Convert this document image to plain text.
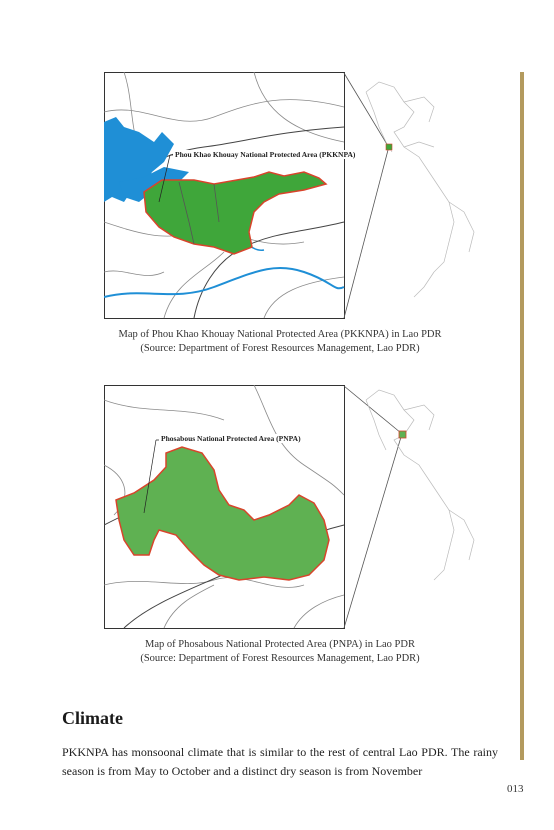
Phou Khao Khouay National Protected Area (PKKNPA)
Map of Phou Khao Khouay National Protected Area (PKKNPA) in Lao PDR
(Source: Department of Forest Resources Management, Lao PDR)
Phosabous National Protected Area (PNPA)
Map of Phosabous National Protected Area (PNPA) in Lao PDR
(Source: Department of Forest Resources Management, Lao PDR)
Climate
PKKNPA has monsoonal climate that is similar to the rest of central Lao PDR. The rainy season is from May to October and a distinct dry season is from November
013
